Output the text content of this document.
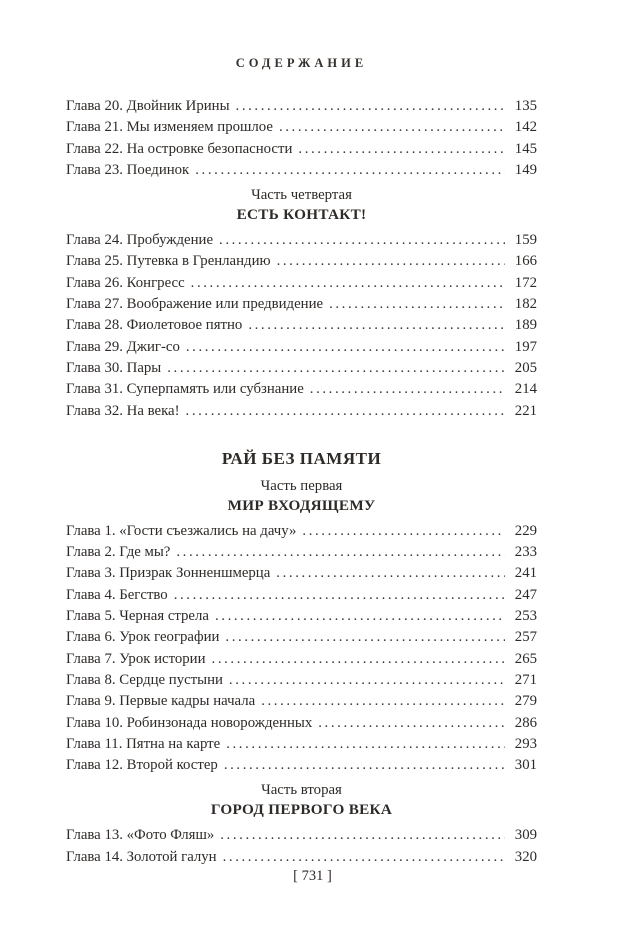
СОДЕРЖАНИЕ
Глава 20. Двойник Ирины .....	135
Глава 21. Мы изменяем прошлое .....	142
Глава 22. На островке безопасности .....	145
Глава 23. Поединок .....	149
Часть четвертая
ЕСТЬ КОНТАКТ!
Глава 24. Пробуждение .....	159
Глава 25. Путевка в Гренландию .....	166
Глава 26. Конгресс .....	172
Глава 27. Воображение или предвидение .....	182
Глава 28. Фиолетовое пятно .....	189
Глава 29. Джиг-со .....	197
Глава 30. Пары .....	205
Глава 31. Суперпамять или субзнание .....	214
Глава 32. На века! .....	221
РАЙ БЕЗ ПАМЯТИ
Часть первая
МИР ВХОДЯЩЕМУ
Глава 1. «Гости съезжались на дачу» .....	229
Глава 2. Где мы? .....	233
Глава 3. Призрак Зонненшмерца .....	241
Глава 4. Бегство .....	247
Глава 5. Черная стрела .....	253
Глава 6. Урок географии .....	257
Глава 7. Урок истории .....	265
Глава 8. Сердце пустыни .....	271
Глава 9. Первые кадры начала .....	279
Глава 10. Робинзонада новорожденных .....	286
Глава 11. Пятна на карте .....	293
Глава 12. Второй костер .....	301
Часть вторая
ГОРОД ПЕРВОГО ВЕКА
Глава 13. «Фото Фляш» .....	309
Глава 14. Золотой галун .....	320
[ 731 ]
